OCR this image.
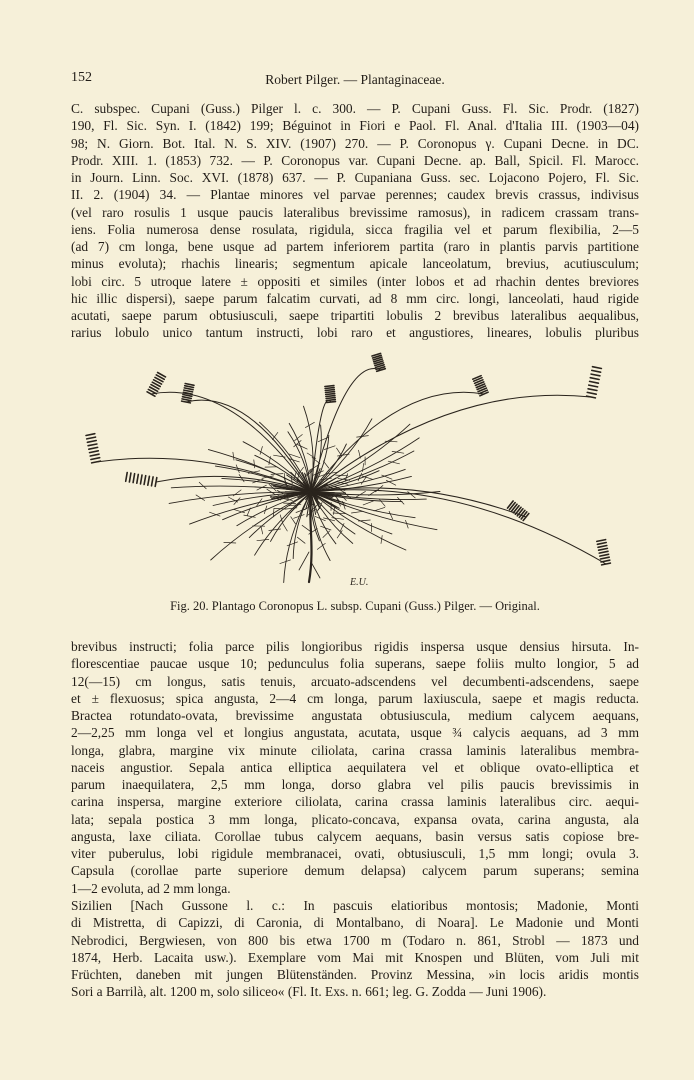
152	Robert Pilger. — Plantaginaceae.
C. subspec. Cupani (Guss.) Pilger l. c. 300. — P. Cupani Guss. Fl. Sic. Prodr. (1827)
190, Fl. Sic. Syn. I. (1842) 199; Béguinot in Fiori e Paol. Fl. Anal. d'Italia III. (1903—04)
98; N. Giorn. Bot. Ital. N. S. XIV. (1907) 270. — P. Coronopus γ. Cupani Decne. in DC.
Prodr. XIII. 1. (1853) 732. — P. Coronopus var. Cupani Decne. ap. Ball, Spicil. Fl. Marocc.
in Journ. Linn. Soc. XVI. (1878) 637. — P. Cupaniana Guss. sec. Lojacono Pojero, Fl. Sic.
II. 2. (1904) 34. — Plantae minores vel parvae perennes; caudex brevis crassus, indivisus
(vel raro rosulis 1 usque paucis lateralibus brevissime ramosus), in radicem crassam trans-
iens. Folia numerosa dense rosulata, rigidula, sicca fragilia vel et parum flexibilia, 2—5
(ad 7) cm longa, bene usque ad partem inferiorem partita (raro in plantis parvis partitione
minus evoluta); rhachis linearis; segmentum apicale lanceolatum, brevius, acutiusculum;
lobi circ. 5 utroque latere ± oppositi et similes (inter lobos et ad rhachin dentes breviores
hic illic dispersi), saepe parum falcatim curvati, ad 8 mm circ. longi, lanceolati, haud rigide
acutati, saepe parum obtusiusculi, saepe tripartiti lobulis 2 brevibus lateralibus aequalibus,
rarius lobulo unico tantum instructi, lobi raro et angustiores, lineares, lobulis pluribus
E.U.
Fig. 20. Plantago Coronopus L. subsp. Cupani (Guss.) Pilger. — Original.
brevibus instructi; folia parce pilis longioribus rigidis inspersa usque densius hirsuta. In-
florescentiae paucae usque 10; pedunculus folia superans, saepe foliis multo longior, 5 ad
12(—15) cm longus, satis tenuis, arcuato-adscendens vel decumbenti-adscendens, saepe
et ± flexuosus; spica angusta, 2—4 cm longa, parum laxiuscula, saepe et magis reducta.
Bractea rotundato-ovata, brevissime angustata obtusiuscula, medium calycem aequans,
2—2,25 mm longa vel et longius angustata, acutata, usque ¾ calycis aequans, ad 3 mm
longa, glabra, margine vix minute ciliolata, carina crassa laminis lateralibus membra-
naceis angustior. Sepala antica elliptica aequilatera vel et oblique ovato-elliptica et
parum inaequilatera, 2,5 mm longa, dorso glabra vel pilis paucis brevissimis in
carina inspersa, margine exteriore ciliolata, carina crassa laminis lateralibus circ. aequi-
lata; sepala postica 3 mm longa, plicato-concava, expansa ovata, carina angusta, ala
angusta, laxe ciliata. Corollae tubus calycem aequans, basin versus satis copiose bre-
viter puberulus, lobi rigidule membranacei, ovati, obtusiusculi, 1,5 mm longi; ovula 3.
Capsula (corollae parte superiore demum delapsa) calycem parum superans; semina
1—2 evoluta, ad 2 mm longa.
Sizilien [Nach Gussone l. c.: In pascuis elatioribus montosis; Madonie, Monti
di Mistretta, di Capizzi, di Caronia, di Montalbano, di Noara]. Le Madonie und Monti
Nebrodici, Bergwiesen, von 800 bis etwa 1700 m (Todaro n. 861, Strobl — 1873 und
1874, Herb. Lacaita usw.). Exemplare vom Mai mit Knospen und Blüten, vom Juli mit
Früchten, daneben mit jungen Blütenständen. Provinz Messina, »in locis aridis montis
Sori a Barrilà, alt. 1200 m, solo siliceo« (Fl. It. Exs. n. 661; leg. G. Zodda — Juni 1906).
